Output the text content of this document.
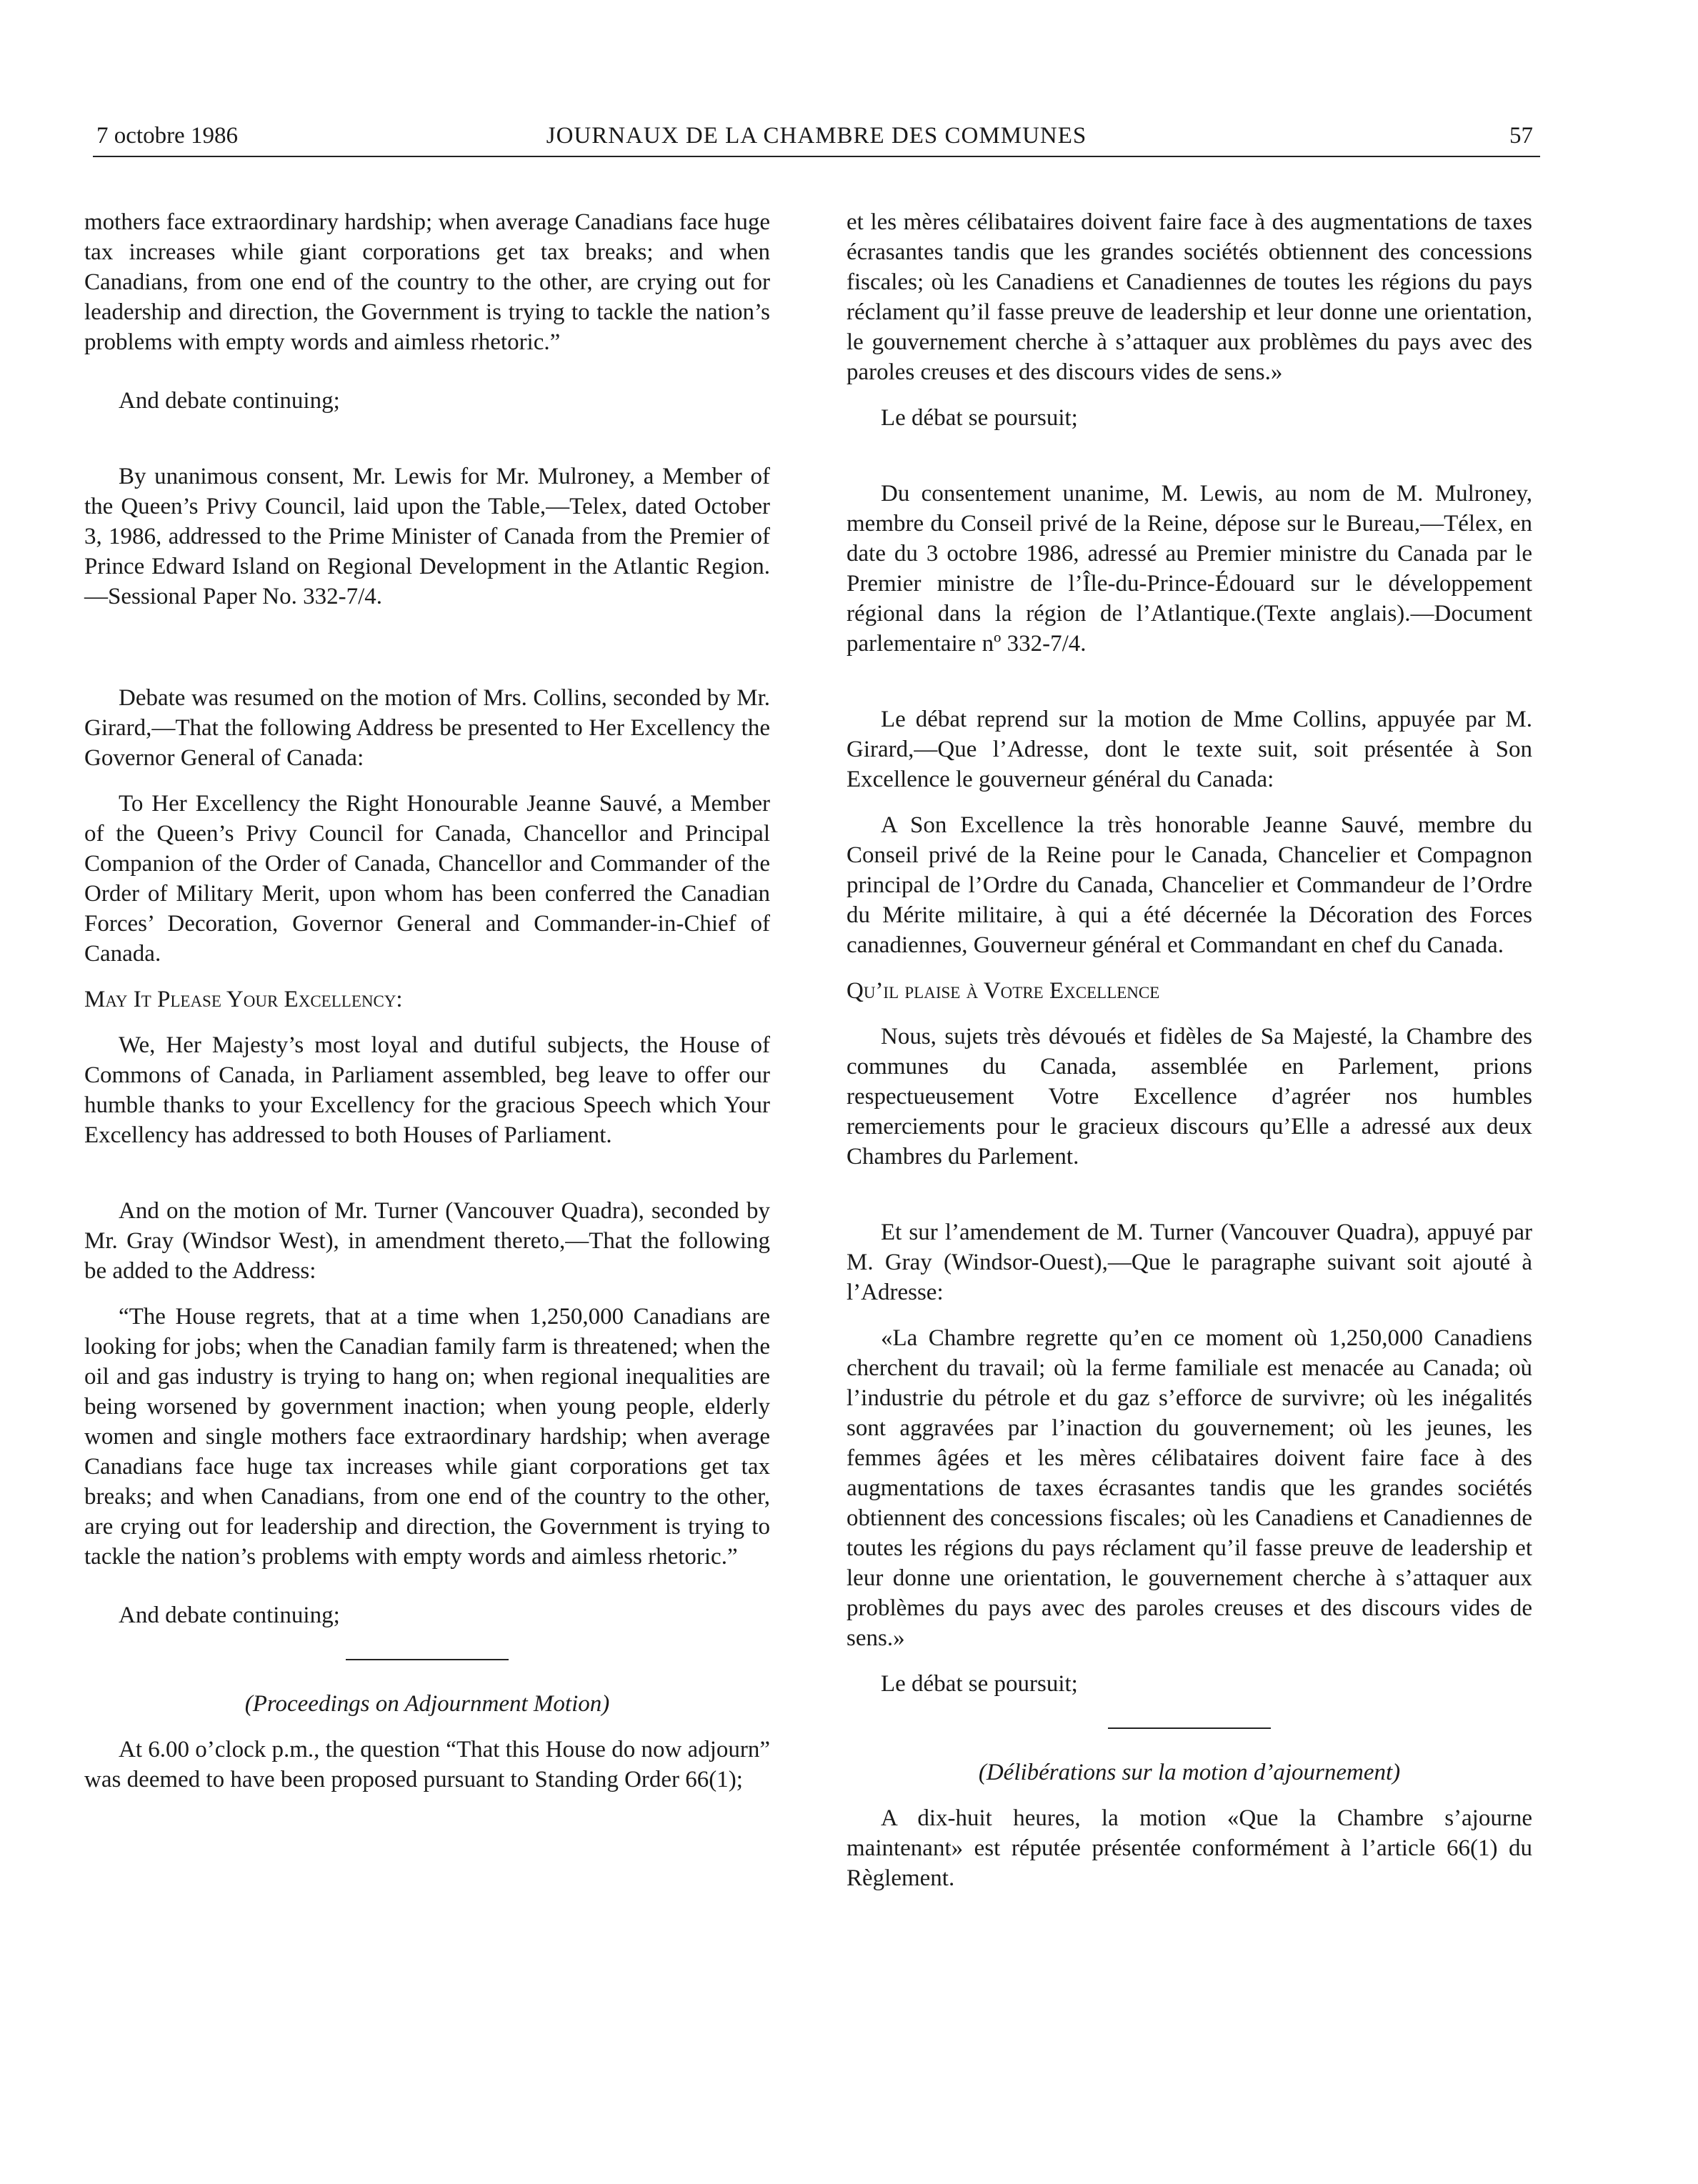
JOURNAUX DE LA CHAMBRE DES COMMUNES
7 octobre 1986	57

mothers face extraordinary hardship; when average Canadians face huge tax increases while giant corporations get tax breaks; and when Canadians, from one end of the country to the other, are crying out for leadership and direction, the Government is trying to tackle the nation’s problems with empty words and aimless rhetoric.”

And debate continuing;

By unanimous consent, Mr. Lewis for Mr. Mulroney, a Member of the Queen’s Privy Council, laid upon the Table,—Telex, dated October 3, 1986, addressed to the Prime Minister of Canada from the Premier of Prince Edward Island on Regional Development in the Atlantic Region.—Sessional Paper No. 332-7/4.

Debate was resumed on the motion of Mrs. Collins, seconded by Mr. Girard,—That the following Address be presented to Her Excellency the Governor General of Canada:

To Her Excellency the Right Honourable Jeanne Sauvé, a Member of the Queen’s Privy Council for Canada, Chancellor and Principal Companion of the Order of Canada, Chancellor and Commander of the Order of Military Merit, upon whom has been conferred the Canadian Forces’ Decoration, Governor General and Commander-in-Chief of Canada.

May It Please Your Excellency:

We, Her Majesty’s most loyal and dutiful subjects, the House of Commons of Canada, in Parliament assembled, beg leave to offer our humble thanks to your Excellency for the gracious Speech which Your Excellency has addressed to both Houses of Parliament.

And on the motion of Mr. Turner (Vancouver Quadra), seconded by Mr. Gray (Windsor West), in amendment thereto,—That the following be added to the Address:

“The House regrets, that at a time when 1,250,000 Canadians are looking for jobs; when the Canadian family farm is threatened; when the oil and gas industry is trying to hang on; when regional inequalities are being worsened by government inaction; when young people, elderly women and single mothers face extraordinary hardship; when average Canadians face huge tax increases while giant corporations get tax breaks; and when Canadians, from one end of the country to the other, are crying out for leadership and direction, the Government is trying to tackle the nation’s problems with empty words and aimless rhetoric.”

And debate continuing;

(Proceedings on Adjournment Motion)

At 6.00 o’clock p.m., the question “That this House do now adjourn” was deemed to have been proposed pursuant to Standing Order 66(1);

et les mères célibataires doivent faire face à des augmentations de taxes écrasantes tandis que les grandes sociétés obtiennent des concessions fiscales; où les Canadiens et Canadiennes de toutes les régions du pays réclament qu’il fasse preuve de leadership et leur donne une orientation, le gouvernement cherche à s’attaquer aux problèmes du pays avec des paroles creuses et des discours vides de sens.»

Le débat se poursuit;

Du consentement unanime, M. Lewis, au nom de M. Mulroney, membre du Conseil privé de la Reine, dépose sur le Bureau,—Télex, en date du 3 octobre 1986, adressé au Premier ministre du Canada par le Premier ministre de l’Île-du-Prince-Édouard sur le développement régional dans la région de l’Atlantique.(Texte anglais).—Document parlementaire nº 332-7/4.

Le débat reprend sur la motion de Mme Collins, appuyée par M. Girard,—Que l’Adresse, dont le texte suit, soit présentée à Son Excellence le gouverneur général du Canada:

A Son Excellence la très honorable Jeanne Sauvé, membre du Conseil privé de la Reine pour le Canada, Chancelier et Compagnon principal de l’Ordre du Canada, Chancelier et Commandeur de l’Ordre du Mérite militaire, à qui a été décernée la Décoration des Forces canadiennes, Gouverneur général et Commandant en chef du Canada.

Qu’il plaise à Votre Excellence

Nous, sujets très dévoués et fidèles de Sa Majesté, la Chambre des communes du Canada, assemblée en Parlement, prions respectueusement Votre Excellence d’agréer nos humbles remerciements pour le gracieux discours qu’Elle a adressé aux deux Chambres du Parlement.

Et sur l’amendement de M. Turner (Vancouver Quadra), appuyé par M. Gray (Windsor-Ouest),—Que le paragraphe suivant soit ajouté à l’Adresse:

«La Chambre regrette qu’en ce moment où 1,250,000 Canadiens cherchent du travail; où la ferme familiale est menacée au Canada; où l’industrie du pétrole et du gaz s’efforce de survivre; où les inégalités sont aggravées par l’inaction du gouvernement; où les jeunes, les femmes âgées et les mères célibataires doivent faire face à des augmentations de taxes écrasantes tandis que les grandes sociétés obtiennent des concessions fiscales; où les Canadiens et Canadiennes de toutes les régions du pays réclament qu’il fasse preuve de leadership et leur donne une orientation, le gouvernement cherche à s’attaquer aux problèmes du pays avec des paroles creuses et des discours vides de sens.»

Le débat se poursuit;

(Délibérations sur la motion d’ajournement)

A dix-huit heures, la motion «Que la Chambre s’ajourne maintenant» est réputée présentée conformément à l’article 66(1) du Règlement.
